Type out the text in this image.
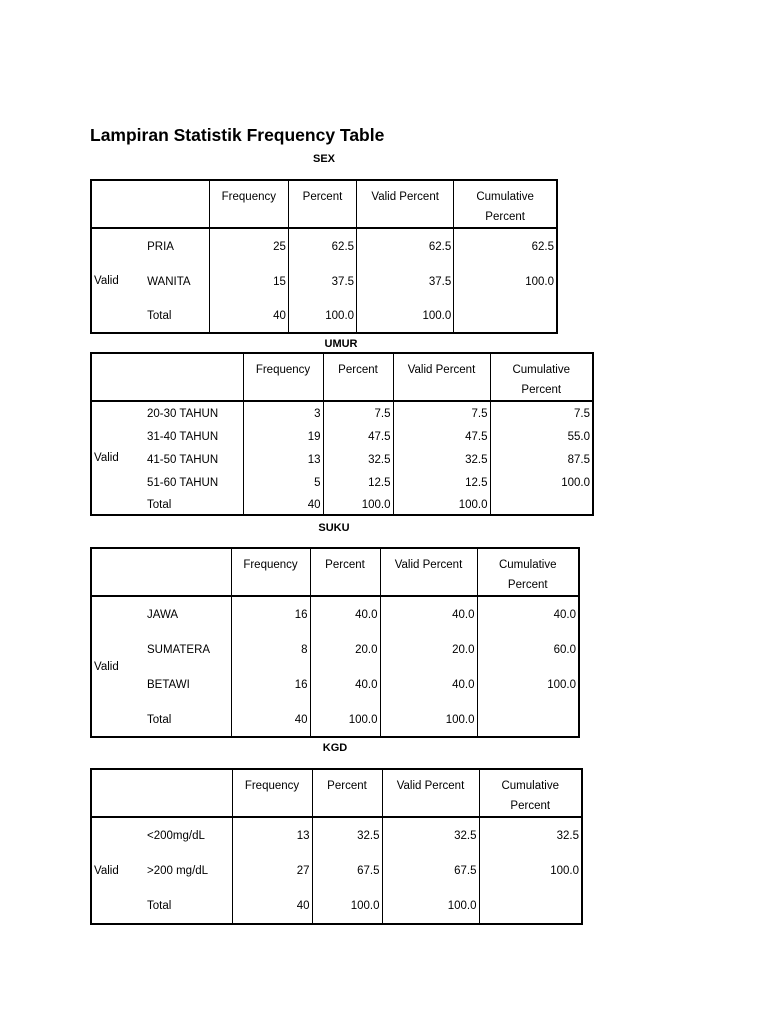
Lampiran Statistik Frequency Table
SEX
		Frequency	Percent	Valid Percent	Cumulative Percent
Valid	PRIA	25	62.5	62.5	62.5
	WANITA	15	37.5	37.5	100.0
	Total	40	100.0	100.0	
UMUR
		Frequency	Percent	Valid Percent	Cumulative Percent
Valid	20-30 TAHUN	3	7.5	7.5	7.5
	31-40 TAHUN	19	47.5	47.5	55.0
	41-50 TAHUN	13	32.5	32.5	87.5
	51-60 TAHUN	5	12.5	12.5	100.0
	Total	40	100.0	100.0	
SUKU
		Frequency	Percent	Valid Percent	Cumulative Percent
Valid	JAWA	16	40.0	40.0	40.0
	SUMATERA	8	20.0	20.0	60.0
	BETAWI	16	40.0	40.0	100.0
	Total	40	100.0	100.0	
KGD
		Frequency	Percent	Valid Percent	Cumulative Percent
Valid	<200mg/dL	13	32.5	32.5	32.5
	>200 mg/dL	27	67.5	67.5	100.0
	Total	40	100.0	100.0	
